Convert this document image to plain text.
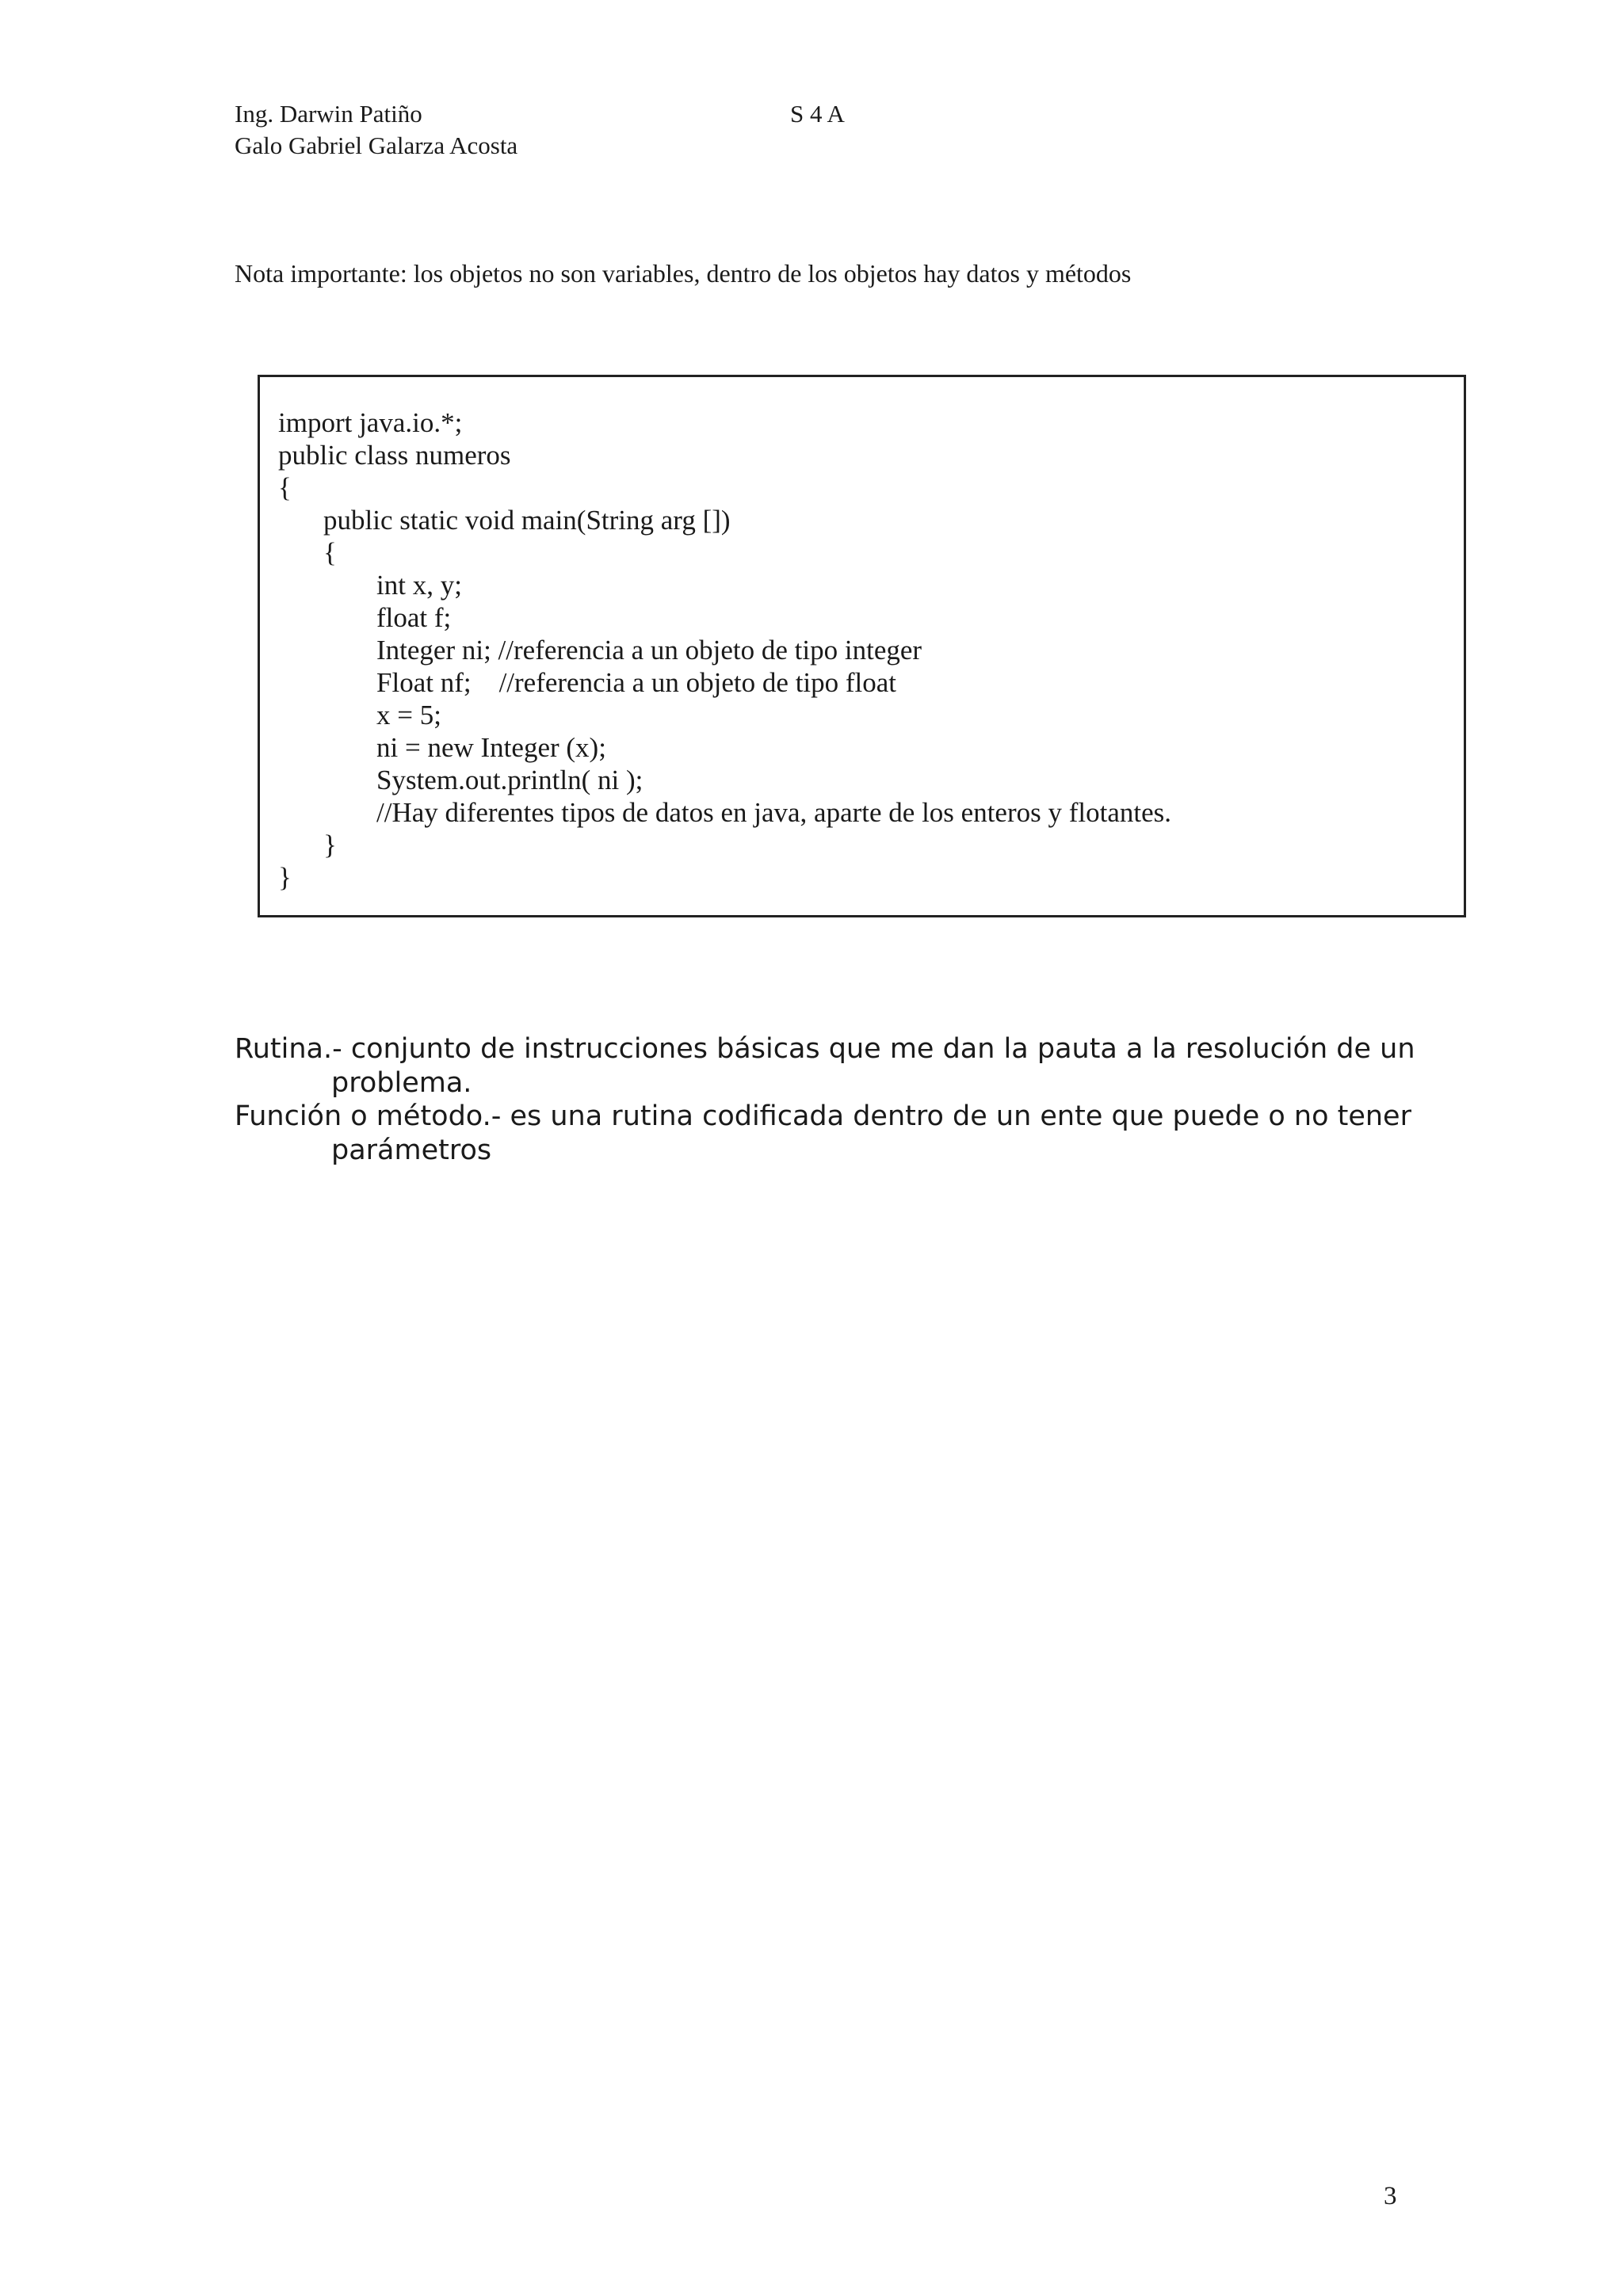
Ing. Darwin Patiño
Galo Gabriel Galarza Acosta
S 4 A
Nota importante: los objetos no son variables, dentro de los objetos hay datos y métodos
import java.io.*;
public class numeros
{
public static void main(String arg [])
{
int x, y;
float f;
Integer ni; //referencia a un objeto de tipo integer
Float nf;    //referencia a un objeto de tipo float
x = 5;
ni = new Integer (x);
System.out.println( ni );
//Hay diferentes tipos de datos en java, aparte de los enteros y flotantes.
}
}
Rutina.- conjunto de instrucciones básicas que me dan la pauta a la resolución de un
problema.
Función o método.- es una rutina codificada dentro de un ente que puede o no tener
parámetros
3
